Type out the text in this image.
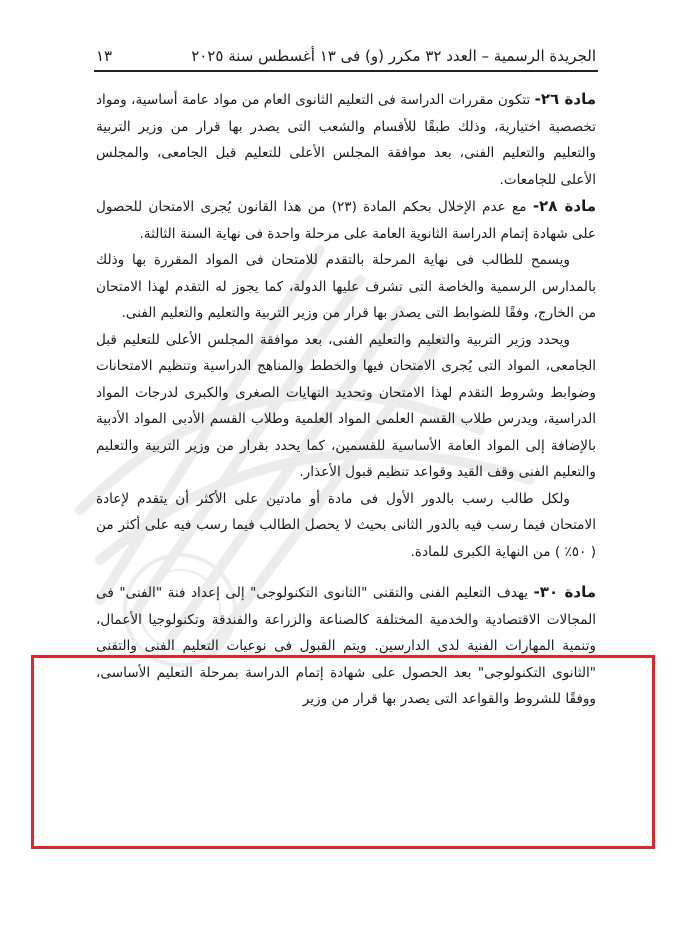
الجريدة الرسمية – العدد ٣٢ مكرر (و) فى ١٣ أغسطس سنة ٢٠٢٥
١٣

مادة ٢٦- تتكون مقررات الدراسة فى التعليم الثانوى العام من مواد عامة أساسية، ومواد تخصصية اختيارية، وذلك طبقًا للأقسام والشعب التى يصدر بها قرار من وزير التربية والتعليم والتعليم الفنى، بعد موافقة المجلس الأعلى للتعليم قبل الجامعى، والمجلس الأعلى للجامعات.

مادة ٢٨- مع عدم الإخلال بحكم المادة (٢٣) من هذا القانون يُجرى الامتحان للحصول على شهادة إتمام الدراسة الثانوية العامة على مرحلة واحدة فى نهاية السنة الثالثة.

ويسمح للطالب فى نهاية المرحلة بالتقدم للامتحان فى المواد المقررة بها وذلك بالمدارس الرسمية والخاصة التى تشرف عليها الدولة، كما يجوز له التقدم لهذا الامتحان من الخارج، وفقًا للضوابط التى يصدر بها قرار من وزير التربية والتعليم والتعليم الفنى.

ويحدد وزير التربية والتعليم والتعليم الفنى، بعد موافقة المجلس الأعلى للتعليم قبل الجامعى، المواد التى يُجرى الامتحان فيها والخطط والمناهج الدراسية وتنظيم الامتحانات وضوابط وشروط التقدم لهذا الامتحان وتحديد النهايات الصغرى والكبرى لدرجات المواد الدراسية، ويدرس طلاب القسم العلمى المواد العلمية وطلاب القسم الأدبى المواد الأدبية بالإضافة إلى المواد العامة الأساسية للقسمين، كما يحدد بقرار من وزير التربية والتعليم والتعليم الفنى وقف القيد وقواعد تنظيم قبول الأعذار.

ولكل طالب رسب بالدور الأول فى مادة أو مادتين على الأكثر أن يتقدم لإعادة الامتحان فيما رسب فيه بالدور الثانى بحيث لا يحصل الطالب فيما رسب فيه على أكثر من ( ٥٠٪ ) من النهاية الكبرى للمادة.

مادة ٣٠- يهدف التعليم الفنى والتقنى "الثانوى التكنولوجى" إلى إعداد فنة "الفنى" فى المجالات الاقتصادية والخدمية المختلفة كالصناعة والزراعة والفندقة وتكنولوجيا الأعمال، وتنمية المهارات الفنية لدى الدارسين. ويتم القبول فى نوعيات التعليم الفنى والتقنى "الثانوى التكنولوجى" بعد الحصول على شهادة إتمام الدراسة بمرحلة التعليم الأساسى، ووفقًا للشروط والقواعد التى يصدر بها قرار من وزير
